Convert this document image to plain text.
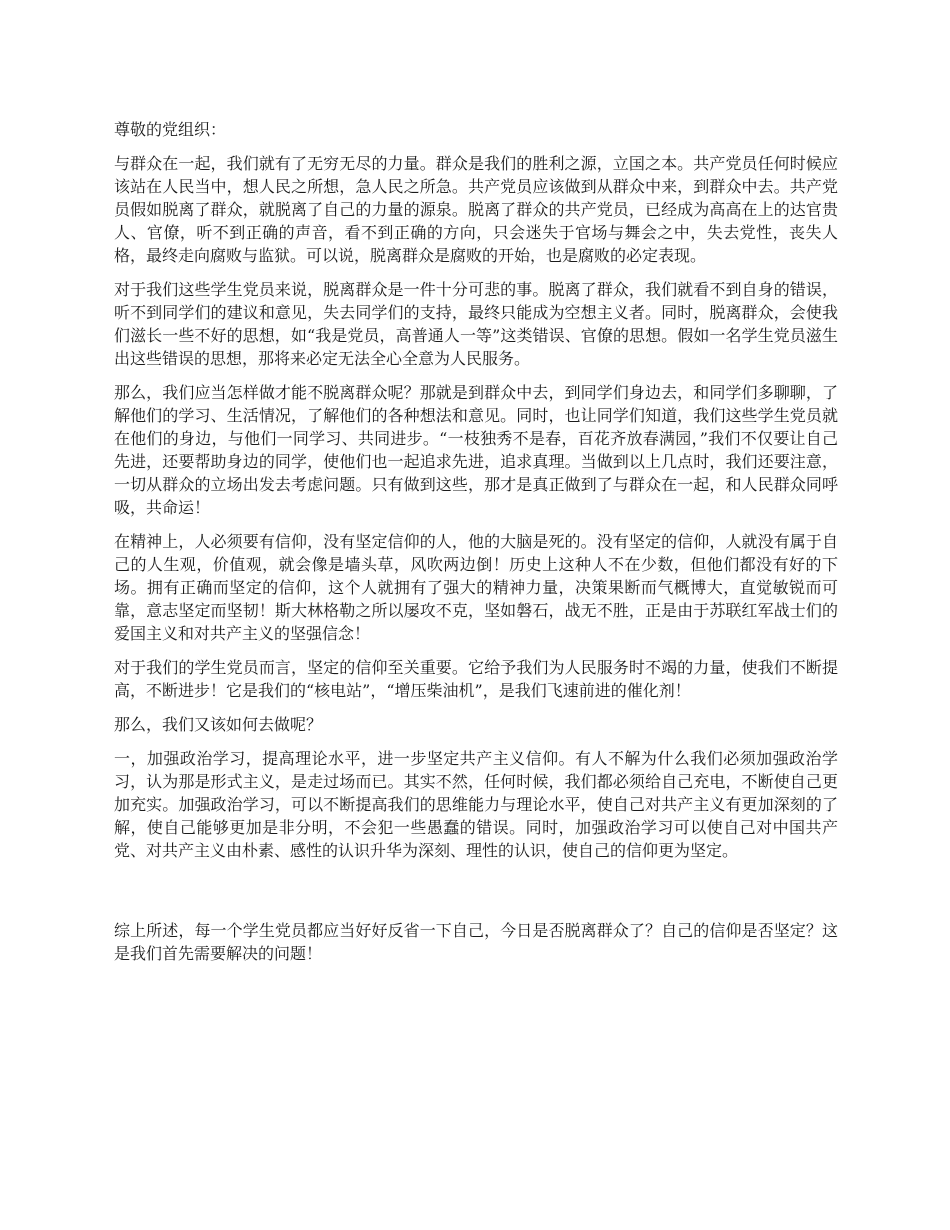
尊敬的党组织：

与群众在一起，我们就有了无穷无尽的力量。群众是我们的胜利之源，立国之本。共产党员任何时候应该站在人民当中，想人民之所想，急人民之所急。共产党员应该做到从群众中来，到群众中去。共产党员假如脱离了群众，就脱离了自己的力量的源泉。脱离了群众的共产党员，已经成为高高在上的达官贵人、官僚，听不到正确的声音，看不到正确的方向，只会迷失于官场与舞会之中，失去党性，丧失人格，最终走向腐败与监狱。可以说，脱离群众是腐败的开始，也是腐败的必定表现。

对于我们这些学生党员来说，脱离群众是一件十分可悲的事。脱离了群众，我们就看不到自身的错误，听不到同学们的建议和意见，失去同学们的支持，最终只能成为空想主义者。同时，脱离群众，会使我们滋长一些不好的思想，如“我是党员，高普通人一等”这类错误、官僚的思想。假如一名学生党员滋生出这些错误的思想，那将来必定无法全心全意为人民服务。

那么，我们应当怎样做才能不脱离群众呢？那就是到群众中去，到同学们身边去，和同学们多聊聊，了解他们的学习、生活情况，了解他们的各种想法和意见。同时，也让同学们知道，我们这些学生党员就在他们的身边，与他们一同学习、共同进步。“一枝独秀不是春，百花齐放春满园，”我们不仅要让自己先进，还要帮助身边的同学，使他们也一起追求先进，追求真理。当做到以上几点时，我们还要注意，一切从群众的立场出发去考虑问题。只有做到这些，那才是真正做到了与群众在一起，和人民群众同呼吸，共命运！

在精神上，人必须要有信仰，没有坚定信仰的人，他的大脑是死的。没有坚定的信仰，人就没有属于自己的人生观，价值观，就会像是墙头草，风吹两边倒！历史上这种人不在少数，但他们都没有好的下场。拥有正确而坚定的信仰，这个人就拥有了强大的精神力量，决策果断而气概博大，直觉敏锐而可靠，意志坚定而坚韧！斯大林格勒之所以屡攻不克，坚如磐石，战无不胜，正是由于苏联红军战士们的爱国主义和对共产主义的坚强信念！

对于我们的学生党员而言，坚定的信仰至关重要。它给予我们为人民服务时不竭的力量，使我们不断提高，不断进步！它是我们的“核电站”，“增压柴油机”，是我们飞速前进的催化剂！

那么，我们又该如何去做呢？

一，加强政治学习，提高理论水平，进一步坚定共产主义信仰。有人不解为什么我们必须加强政治学习，认为那是形式主义，是走过场而已。其实不然，任何时候，我们都必须给自己充电，不断使自己更加充实。加强政治学习，可以不断提高我们的思维能力与理论水平，使自己对共产主义有更加深刻的了解，使自己能够更加是非分明，不会犯一些愚蠢的错误。同时，加强政治学习可以使自己对中国共产党、对共产主义由朴素、感性的认识升华为深刻、理性的认识，使自己的信仰更为坚定。

综上所述，每一个学生党员都应当好好反省一下自己，今日是否脱离群众了？自己的信仰是否坚定？这是我们首先需要解决的问题！
